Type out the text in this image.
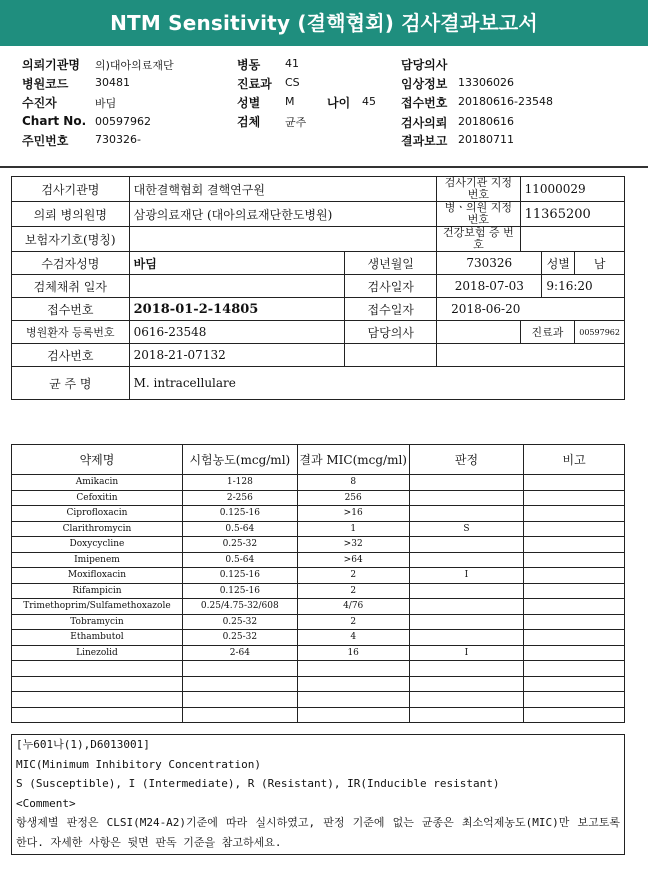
NTM Sensitivity (결핵협회) 검사결과보고서
의뢰기관명 의)대아의료재단
병원코드 30481
수진자	바딤
Chart No. 00597962
주민번호 730326-
병동 41
진료과 CS
성별 M	나이 45
검체 균주
담당의사
임상정보 13306026
접수번호 20180616-23548
검사의뢰 20180616
결과보고 20180711
검사기관명	대한결핵협회 결핵연구원		검사기관 지정번호	11000029		
의뢰 병의원명	삼광의료재단 (대아의료재단한도병원)		병ㆍ의원 지정번호	11365200		
보험자기호(명칭)			건강보험 증 번 호			
수검자성명	바딤	생년월일	730326		성별	남
검체채취 일자		검사일자	2018-07-03		9:16:20	
접수번호	2018-01-2-14805	접수일자	2018-06-20			
병원환자 등록번호	0616-23548	담당의사		진료과		00597962
검사번호	2018-21-07132					
균 주 명	M. intracellulare					
약제명	시험농도(mcg/ml)	결과 MIC(mcg/ml)	판정	비고
Amikacin	1-128	8		
Cefoxitin	2-256	256		
Ciprofloxacin	0.125-16	>16		
Clarithromycin	0.5-64	1	S	
Doxycycline	0.25-32	>32		
Imipenem	0.5-64	>64		
Moxifloxacin	0.125-16	2	I	
Rifampicin	0.125-16	2		
Trimethoprim/Sulfamethoxazole	0.25/4.75-32/608	4/76		
Tobramycin	0.25-32	2		
Ethambutol	0.25-32	4		
Linezolid	2-64	16	I	

[누601나(1),D6013001]
MIC(Minimum Inhibitory Concentration)
S (Susceptible), I (Intermediate), R (Resistant), IR(Inducible resistant)
<Comment>
항생제별 판정은 CLSI(M24-A2)기준에 따라 실시하였고, 판정 기준에 없는 균종은 최소억제농도(MIC)만 보고토록 한다. 자세한 사항은 뒷면 판독 기준을 참고하세요.
